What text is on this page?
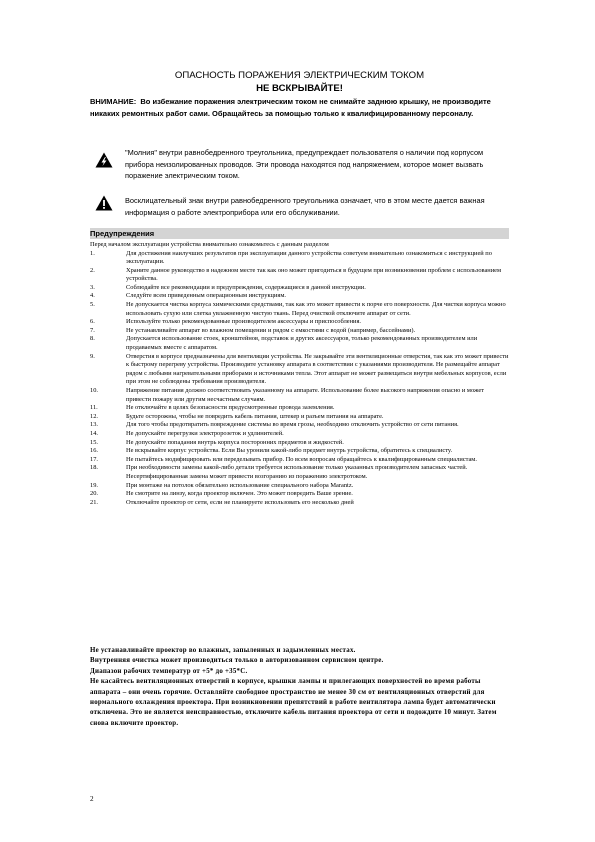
ОПАСНОСТЬ ПОРАЖЕНИЯ ЭЛЕКТРИЧЕСКИМ ТОКОМ
НЕ ВСКРЫВАЙТЕ!
ВНИМАНИЕ: Во избежание поражения электрическим током не снимайте заднюю крышку, не производите никаких ремонтных работ сами. Обращайтесь за помощью только к квалифицированному персоналу.
"Молния" внутри равнобедренного треугольника, предупреждает пользователя о наличии под корпусом прибора неизолированных проводов. Эти провода находятся под напряжением, которое может вызвать поражение электрическим током.
Восклицательный знак внутри равнобедренного треугольника означает, что в этом месте дается важная информация о работе электроприбора или его обслуживании.
Предупреждения
Перед началом эксплуатации устройства внимательно ознакомьтесь с данным разделом
1.	Для достижения наилучших результатов при эксплуатации данного устройства советуем внимательно ознакомиться с инструкцией по эксплуатации.
2.	Храните данное руководство в надежном месте так как оно может пригодиться в будущем при возникновении проблем с использованием устройства.
3.	Соблюдайте все рекомендации и предупреждения, содержащиеся в данной инструкции.
4.	Следуйте всем приведенным операционным инструкциям.
5.	Не допускается чистка корпуса химическими средствами, так как это может привести к порче его поверхности. Для чистки корпуса можно использовать сухую или слетка увлажненную чистую ткань. Перед очисткой отключите аппарат от сети.
6.	Используйте только рекомендованные производителем аксессуары и приспособления.
7.	Не устанавливайте аппарат во влажном помещении и рядом с емкостями с водой (например, бассейнами).
8.	Допускается использование стоек, кронштейнов, подставок и других аксессуаров, только рекомендованных производителем или продаваемых вместе с аппаратом.
9.	Отверстия в корпусе предназначены для вентиляции устройства. Не закрывайте эти вентиляционные отверстия, так как это может привести к быстрому перегреву устройства. Производите установку аппарата в соответствии с указаниями производителя. Не размещайте аппарат рядом с любыми нагревательными приборами и источниками тепла. Этот аппарат не может размещаться внутри мебельных корпусов, если при этом не соблюдены требования производителя.
10.	Напряжение питания должно соответствовать указанному на аппарате. Использование более высокого напряжения опасно и может привести пожару или другим несчастным случаям.
11.	Не отключайте в целях безопасности предусмотренные провода заземления.
12.	Будьте осторожны, чтобы не повредить кабель питания, штекер и разъем питания на аппарате.
13.	Для того чтобы предотвратить повреждение системы во время грозы, необходимо отключить устройство от сети питания.
14.	Не допускайте перегрузки электророзеток и удлинителей.
15.	Не допускайте попадания внутрь корпуса посторонних предметов и жидкостей.
16.	Не вскрывайте корпус устройства. Если Вы уронили какой-либо предмет внутрь устройства, обратитесь к специалисту.
17.	Не пытайтесь модифицировать или переделывать прибор. По всем вопросам обращайтесь к квалифицированным специалистам.
18.	При необходимости замены какой-либо детали требуется использование только указанных производителем запасных частей. Несертифицированная замена может привести возгоранию из поражению электротоком.
19.	При монтаже на потолок обязательно использование специального набора Marantz.
20.	Не смотрите на линзу, когда проектор включен. Это может повредить Ваше зрение.
21.	Отключайте проектор от сети, если не планируете использовать его несколько дней
Не устанавливайте проектор во влажных, запыленных и задымленных местах.
Внутренняя очистка может производиться только в авторизованном сервисном центре.
Диапазон рабочих температур от +5* до +35*С.
Не касайтесь вентиляционных отверстий в корпусе, крышки лампы и прилегающих поверхностей во время работы аппарата – они очень горячие. Оставляйте свободное пространство не менее 30 см от вентиляционных отверстий для нормального охлаждения проектора. При возникновении препятствий в работе вентилятора лампа будет автоматически отключена. Это не является неисправностью, отключите кабель питания проектора от сети и подождите 10 минут. Затем снова включите проектор.
2
